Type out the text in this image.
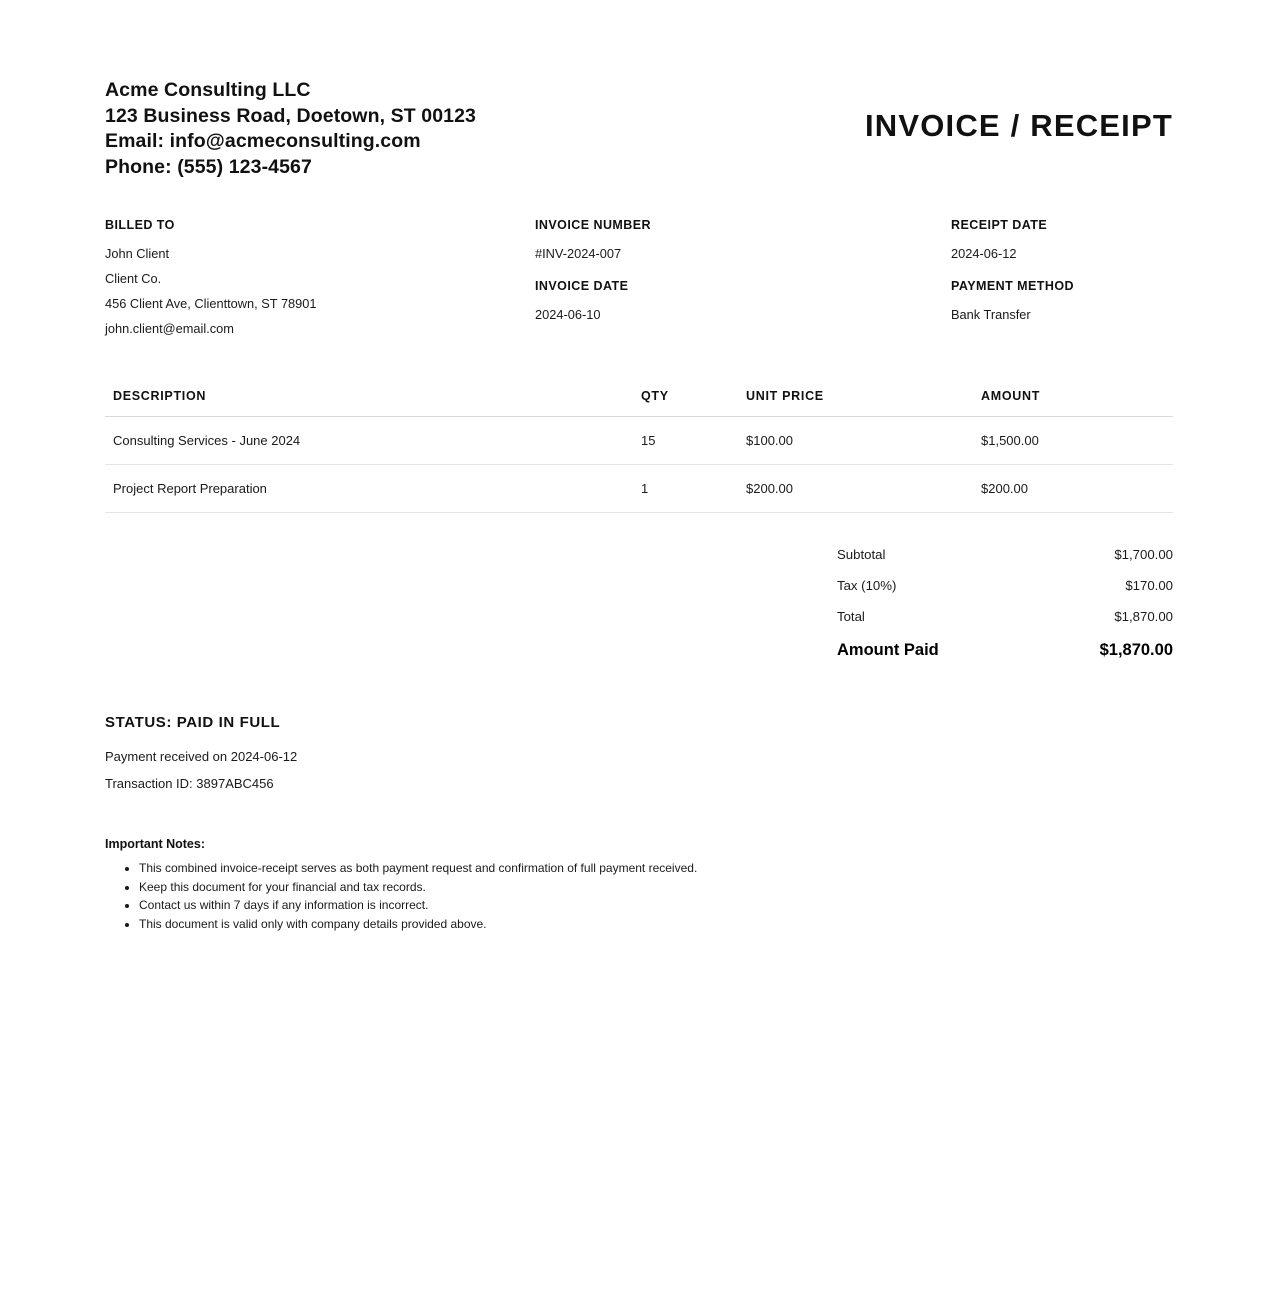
Acme Consulting LLC
123 Business Road, Doetown, ST 00123
Email: info@acmeconsulting.com
Phone: (555) 123-4567
INVOICE / RECEIPT
BILLED TO
John Client
Client Co.
456 Client Ave, Clienttown, ST 78901
john.client@email.com
INVOICE NUMBER
#INV-2024-007
INVOICE DATE
2024-06-10
RECEIPT DATE
2024-06-12
PAYMENT METHOD
Bank Transfer
DESCRIPTION	QTY	UNIT PRICE	AMOUNT
Consulting Services - June 2024	15	$100.00	$1,500.00
Project Report Preparation	1	$200.00	$200.00
Subtotal	$1,700.00
Tax (10%)	$170.00
Total	$1,870.00
Amount Paid	$1,870.00
STATUS: PAID IN FULL
Payment received on 2024-06-12
Transaction ID: 3897ABC456
Important Notes:
• This combined invoice-receipt serves as both payment request and confirmation of full payment received.
• Keep this document for your financial and tax records.
• Contact us within 7 days if any information is incorrect.
• This document is valid only with company details provided above.
